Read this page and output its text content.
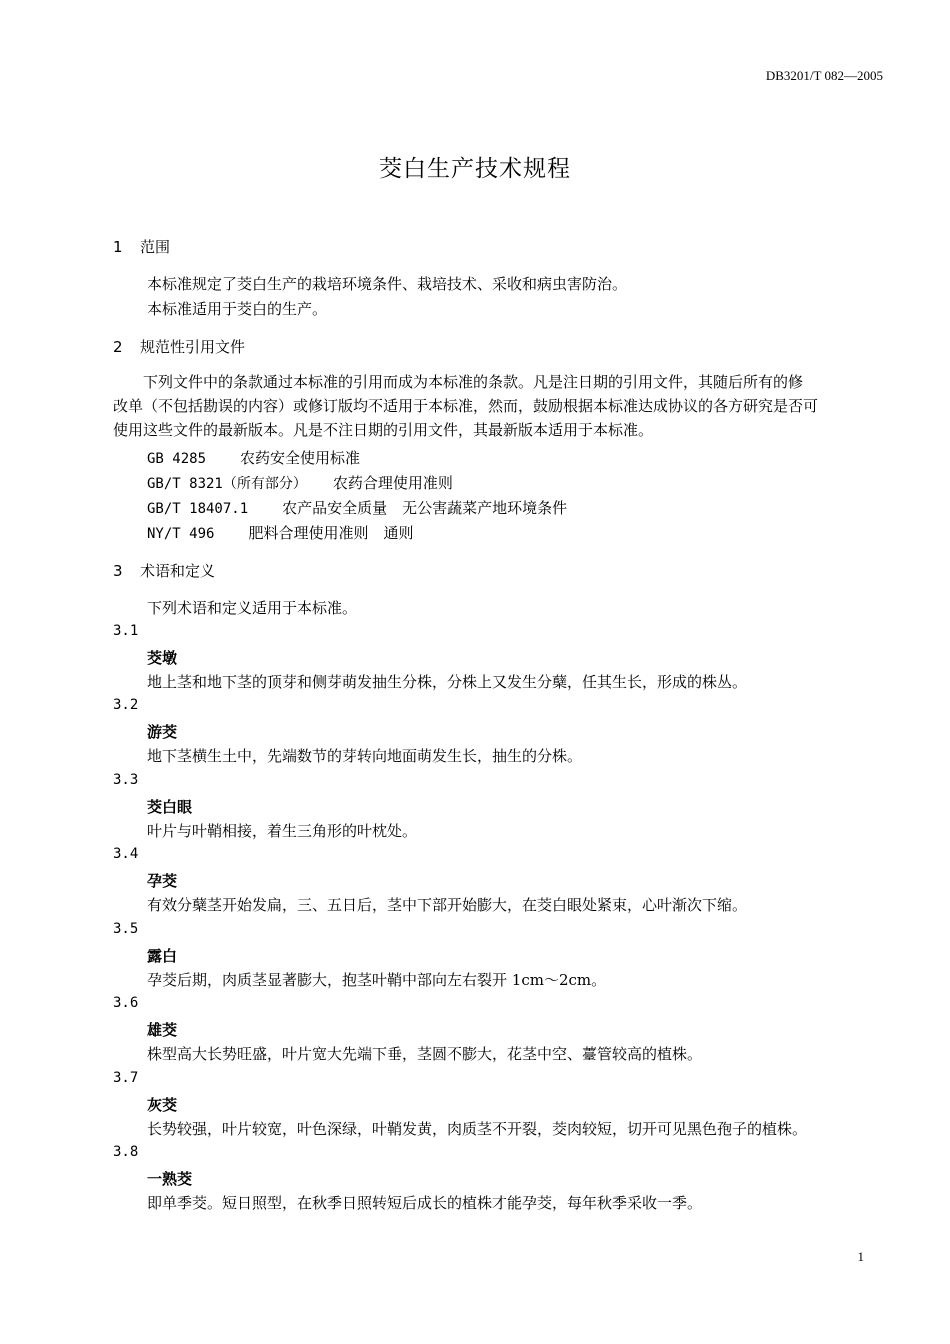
DB3201/T 082—2005
茭白生产技术规程
1 范围
本标准规定了茭白生产的栽培环境条件、栽培技术、采收和病虫害防治。
本标准适用于茭白的生产。
2 规范性引用文件
　　下列文件中的条款通过本标准的引用而成为本标准的条款。凡是注日期的引用文件，其随后所有的修
改单（不包括勘误的内容）或修订版均不适用于本标准，然而，鼓励根据本标准达成协议的各方研究是否可
使用这些文件的最新版本。凡是不注日期的引用文件，其最新版本适用于本标准。
GB 4285 农药安全使用标准
GB/T 8321（所有部分） 农药合理使用准则
GB/T 18407.1 农产品安全质量　无公害蔬菜产地环境条件
NY/T 496 肥料合理使用准则　通则
3 术语和定义
下列术语和定义适用于本标准。
3.1
茭墩
地上茎和地下茎的顶芽和侧芽萌发抽生分株，分株上又发生分蘖，任其生长，形成的株丛。
3.2
游茭
地下茎横生土中，先端数节的芽转向地面萌发生长，抽生的分株。
3.3
茭白眼
叶片与叶鞘相接，着生三角形的叶枕处。
3.4
孕茭
有效分蘖茎开始发扁，三、五日后，茎中下部开始膨大，在茭白眼处紧束，心叶渐次下缩。
3.5
露白
孕茭后期，肉质茎显著膨大，抱茎叶鞘中部向左右裂开 1cm～2cm。
3.6
雄茭
株型高大长势旺盛，叶片宽大先端下垂，茎圆不膨大，花茎中空、薹管较高的植株。
3.7
灰茭
长势较强，叶片较宽，叶色深绿，叶鞘发黄，肉质茎不开裂，茭肉较短，切开可见黑色孢子的植株。
3.8
一熟茭
即单季茭。短日照型，在秋季日照转短后成长的植株才能孕茭，每年秋季采收一季。
1
